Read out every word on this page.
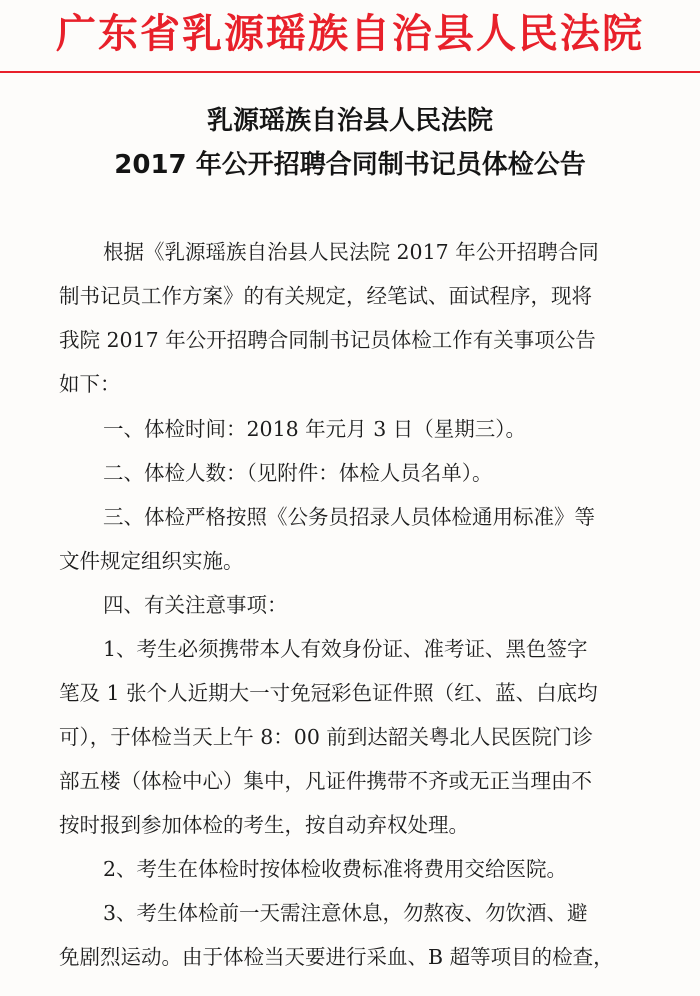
广东省乳源瑶族自治县人民法院
乳源瑶族自治县人民法院
2017 年公开招聘合同制书记员体检公告
根据《乳源瑶族自治县人民法院 2017 年公开招聘合同
制书记员工作方案》的有关规定，经笔试、面试程序，现将
我院 2017 年公开招聘合同制书记员体检工作有关事项公告
如下：
一、体检时间：2018 年元月 3 日（星期三）。
二、体检人数：（见附件：体检人员名单）。
三、体检严格按照《公务员招录人员体检通用标准》等
文件规定组织实施。
四、有关注意事项：
1、考生必须携带本人有效身份证、准考证、黑色签字
笔及 1 张个人近期大一寸免冠彩色证件照（红、蓝、白底均
可），于体检当天上午 8：00 前到达韶关粤北人民医院门诊
部五楼（体检中心）集中，凡证件携带不齐或无正当理由不
按时报到参加体检的考生，按自动弃权处理。
2、考生在体检时按体检收费标准将费用交给医院。
3、考生体检前一天需注意休息，勿熬夜、勿饮酒、避
免剧烈运动。由于体检当天要进行采血、B 超等项目的检查，
